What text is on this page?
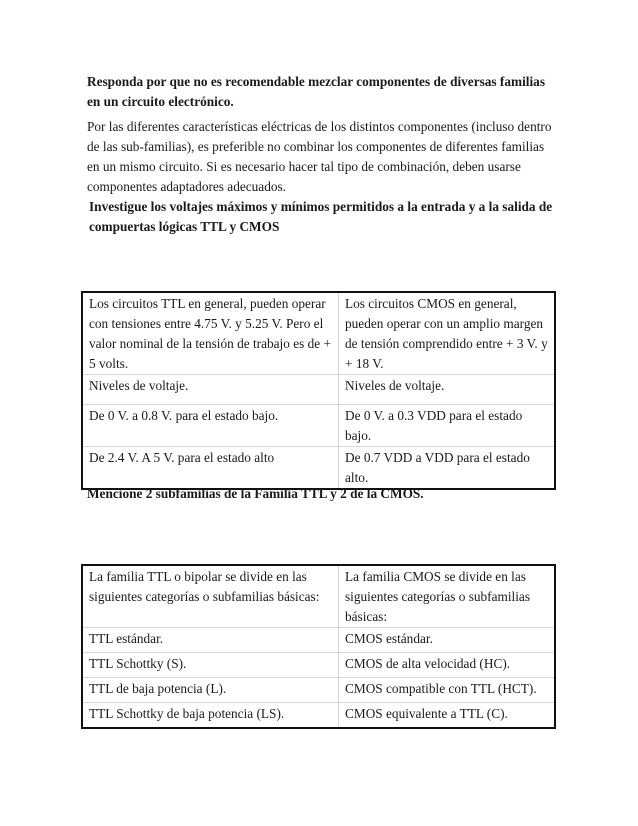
Responda por que no es recomendable mezclar componentes de diversas familias en un circuito electrónico.

Por las diferentes características eléctricas de los distintos componentes (incluso dentro de las sub-familias), es preferible no combinar los componentes de diferentes familias en un mismo circuito. Si es necesario hacer tal tipo de combinación, deben usarse componentes adaptadores adecuados.

Investigue los voltajes máximos y mínimos permitidos a la entrada y a la salida de compuertas lógicas TTL y CMOS

Los circuitos TTL en general, pueden operar con tensiones entre 4.75 V. y 5.25 V. Pero el valor nominal de la tensión de trabajo es de + 5 volts.	Los circuitos CMOS en general, pueden operar con un amplio margen de tensión comprendido entre + 3 V. y + 18 V.
Niveles de voltaje.	Niveles de voltaje.
De 0 V. a 0.8 V. para el estado bajo.	De 0 V. a 0.3 VDD para el estado bajo.
De 2.4 V. A 5 V. para el estado alto	De 0.7 VDD a VDD para el estado alto.

Mencione 2 subfamilias de la Familia TTL y 2 de la CMOS.

La familia TTL o bipolar se divide en las siguientes categorías o subfamilias básicas:	La familia CMOS se divide en las siguientes categorías o subfamilias básicas:
TTL estándar.	CMOS estándar.
TTL Schottky (S).	CMOS de alta velocidad (HC).
TTL de baja potencia (L).	CMOS compatible con TTL (HCT).
TTL Schottky de baja potencia (LS).	CMOS equivalente a TTL (C).
